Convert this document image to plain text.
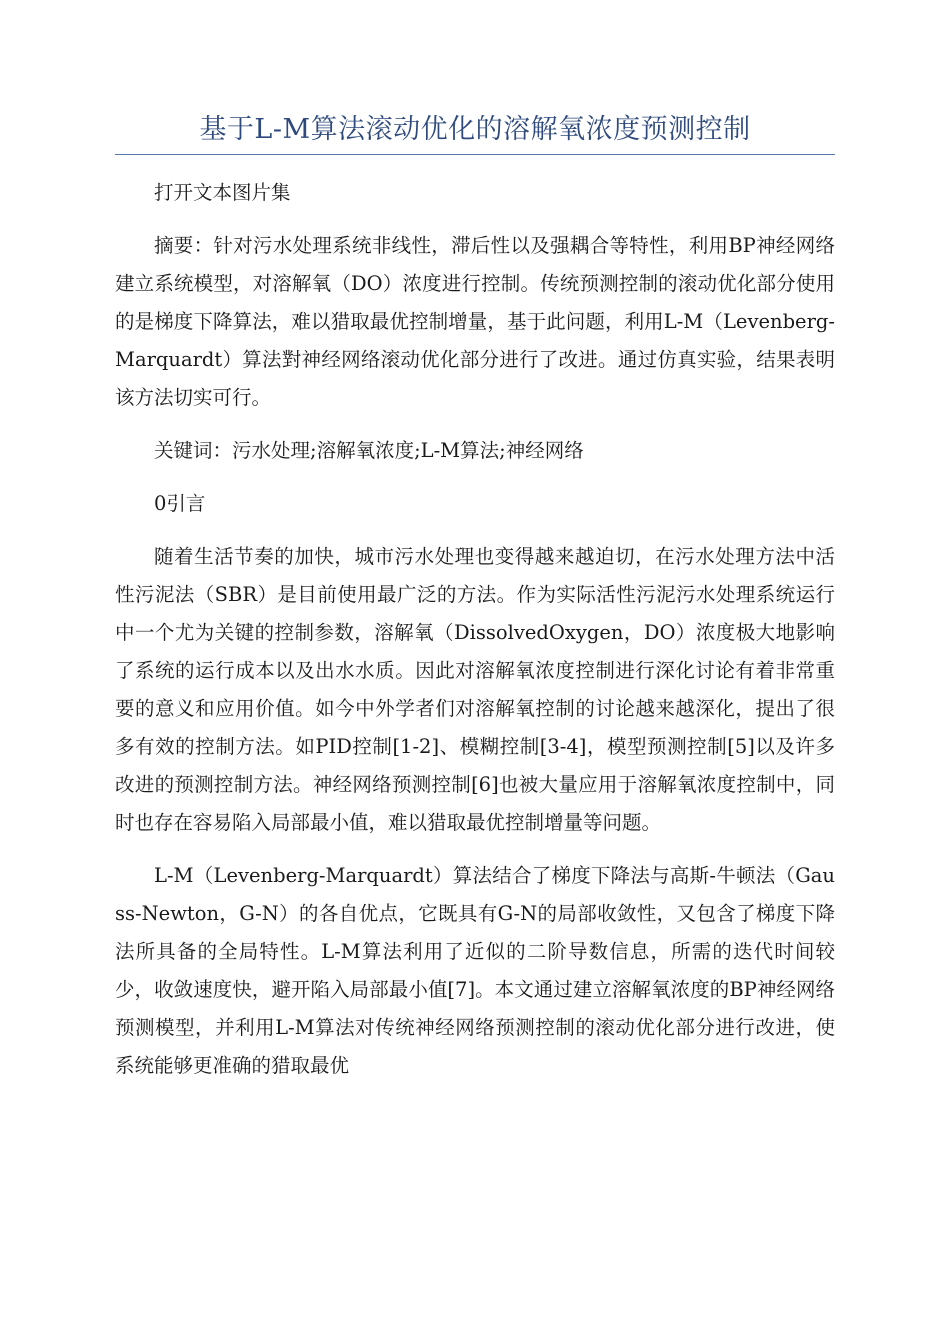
基于L-M算法滚动优化的溶解氧浓度预测控制

打开文本图片集

摘要：针对污水处理系统非线性，滞后性以及强耦合等特性，利用BP神经网络建立系统模型，对溶解氧（DO）浓度进行控制。传统预测控制的滚动优化部分使用的是梯度下降算法，难以猎取最优控制增量，基于此问题，利用L-M（Levenberg-Marquardt）算法對神经网络滚动优化部分进行了改进。通过仿真实验，结果表明该方法切实可行。

关键词：污水处理;溶解氧浓度;L-M算法;神经网络

0引言

随着生活节奏的加快，城市污水处理也变得越来越迫切，在污水处理方法中活性污泥法（SBR）是目前使用最广泛的方法。作为实际活性污泥污水处理系统运行中一个尤为关键的控制参数，溶解氧（DissolvedOxygen，DO）浓度极大地影响了系统的运行成本以及出水水质。因此对溶解氧浓度控制进行深化讨论有着非常重要的意义和应用价值。如今中外学者们对溶解氧控制的讨论越来越深化，提出了很多有效的控制方法。如PID控制[1-2]、模糊控制[3-4]，模型预测控制[5]以及许多改进的预测控制方法。神经网络预测控制[6]也被大量应用于溶解氧浓度控制中，同时也存在容易陷入局部最小值，难以猎取最优控制增量等问题。

L-M（Levenberg-Marquardt）算法结合了梯度下降法与高斯-牛顿法（Gauss-Newton，G-N）的各自优点，它既具有G-N的局部收敛性，又包含了梯度下降法所具备的全局特性。L-M算法利用了近似的二阶导数信息，所需的迭代时间较少，收敛速度快，避开陷入局部最小值[7]。本文通过建立溶解氧浓度的BP神经网络预测模型，并利用L-M算法对传统神经网络预测控制的滚动优化部分进行改进，使系统能够更准确的猎取最优
